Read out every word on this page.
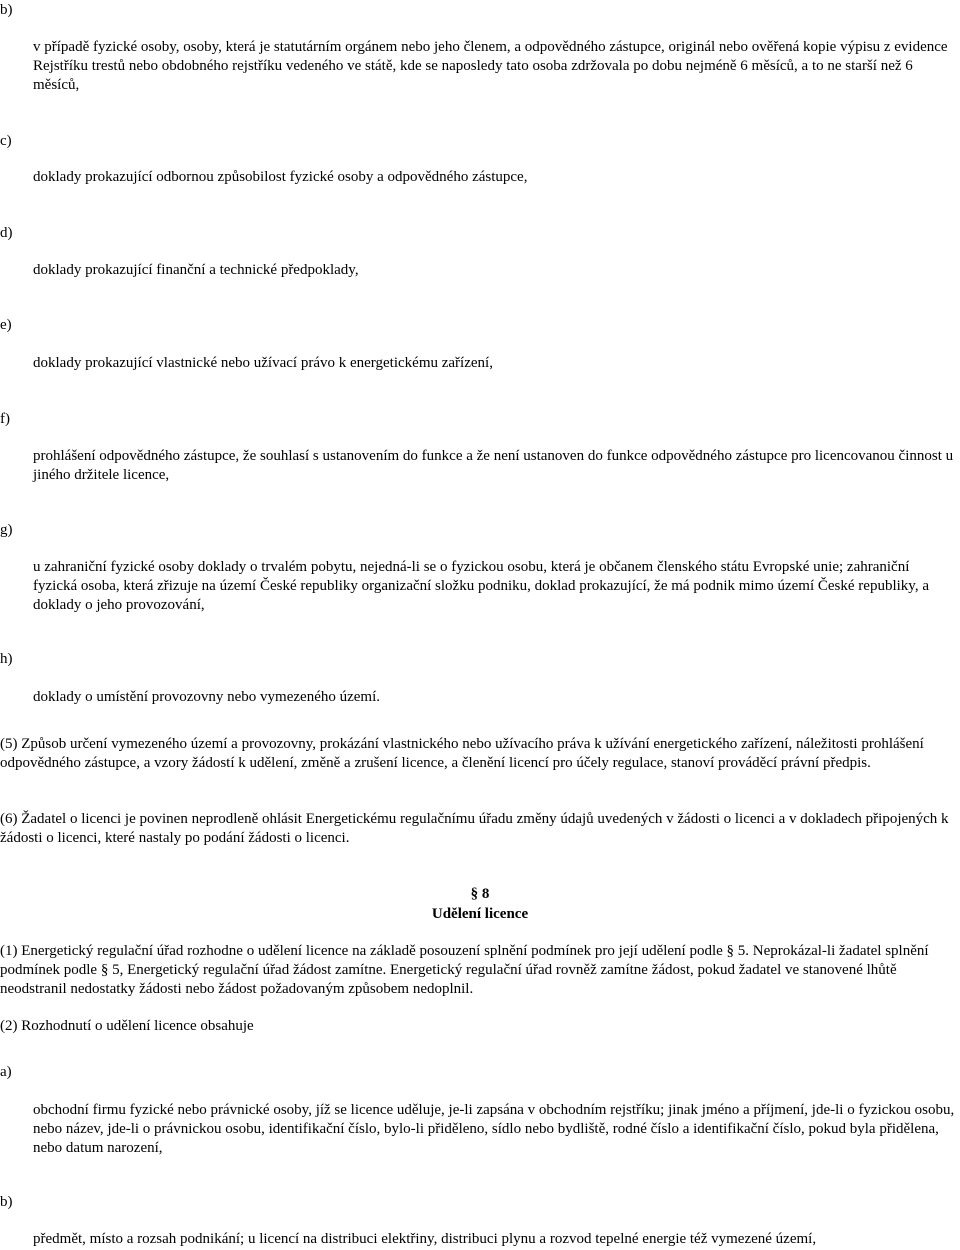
b)
v případě fyzické osoby, osoby, která je statutárním orgánem nebo jeho členem, a odpovědného zástupce, originál nebo ověřená kopie výpisu z evidence Rejstříku trestů nebo obdobného rejstříku vedeného ve státě, kde se naposledy tato osoba zdržovala po dobu nejméně 6 měsíců, a to ne starší než 6 měsíců,
c)
doklady prokazující odbornou způsobilost fyzické osoby a odpovědného zástupce,
d)
doklady prokazující finanční a technické předpoklady,
e)
doklady prokazující vlastnické nebo užívací právo k energetickému zařízení,
f)
prohlášení odpovědného zástupce, že souhlasí s ustanovením do funkce a že není ustanoven do funkce odpovědného zástupce pro licencovanou činnost u jiného držitele licence,
g)
u zahraniční fyzické osoby doklady o trvalém pobytu, nejedná-li se o fyzickou osobu, která je občanem členského státu Evropské unie; zahraniční fyzická osoba, která zřizuje na území České republiky organizační složku podniku, doklad prokazující, že má podnik mimo území České republiky, a doklady o jeho provozování,
h)
doklady o umístění provozovny nebo vymezeného území.
(5) Způsob určení vymezeného území a provozovny, prokázání vlastnického nebo užívacího práva k užívání energetického zařízení, náležitosti prohlášení odpovědného zástupce, a vzory žádostí k udělení, změně a zrušení licence, a členění licencí pro účely regulace, stanoví prováděcí právní předpis.
(6) Žadatel o licenci je povinen neprodleně ohlásit Energetickému regulačnímu úřadu změny údajů uvedených v žádosti o licenci a v dokladech připojených k žádosti o licenci, které nastaly po podání žádosti o licenci.
§ 8
Udělení licence
(1) Energetický regulační úřad rozhodne o udělení licence na základě posouzení splnění podmínek pro její udělení podle § 5. Neprokázal-li žadatel splnění podmínek podle § 5, Energetický regulační úřad žádost zamítne. Energetický regulační úřad rovněž zamítne žádost, pokud žadatel ve stanovené lhůtě neodstranil nedostatky žádosti nebo žádost požadovaným způsobem nedoplnil.
(2) Rozhodnutí o udělení licence obsahuje
a)
obchodní firmu fyzické nebo právnické osoby, jíž se licence uděluje, je-li zapsána v obchodním rejstříku; jinak jméno a příjmení, jde-li o fyzickou osobu, nebo název, jde-li o právnickou osobu, identifikační číslo, bylo-li přiděleno, sídlo nebo bydliště, rodné číslo a identifikační číslo, pokud byla přidělena, nebo datum narození,
b)
předmět, místo a rozsah podnikání; u licencí na distribuci elektřiny, distribuci plynu a rozvod tepelné energie též vymezené území,
